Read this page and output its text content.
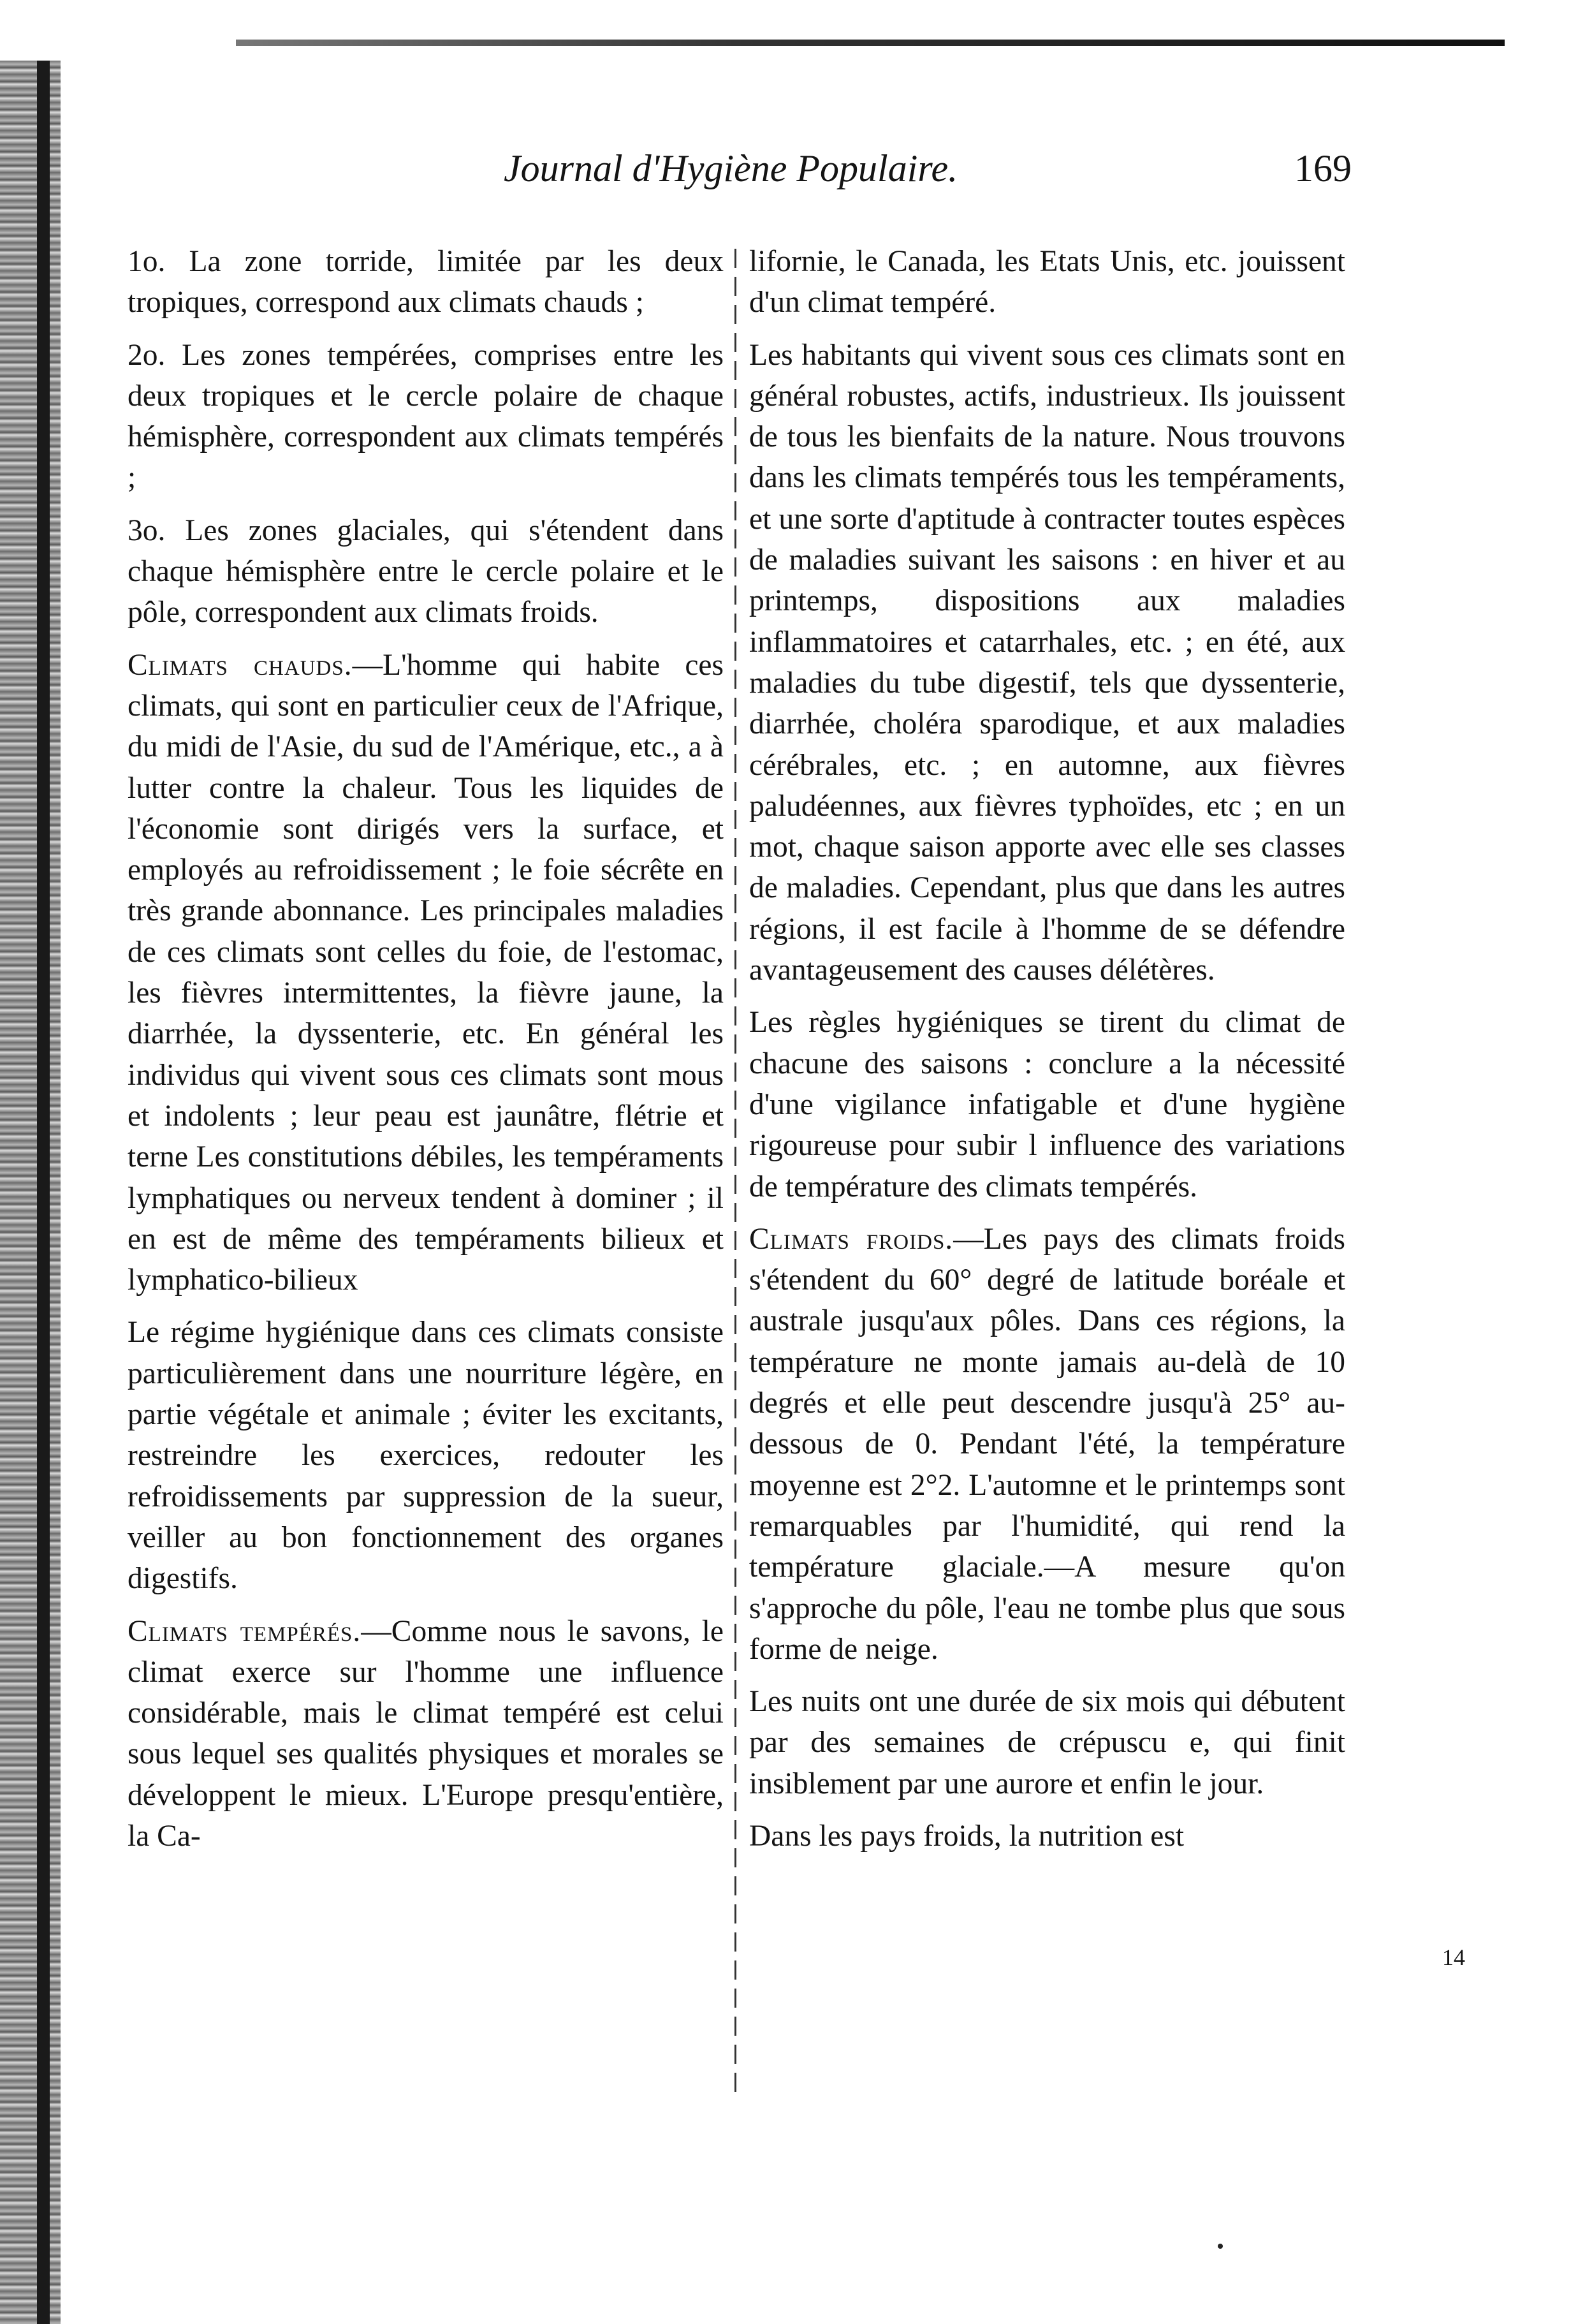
Journal d'Hygiène Populaire.	169

1o. La zone torride, limitée par les deux tropiques, correspond aux climats chauds ;

2o. Les zones tempérées, comprises entre les deux tropiques et le cercle polaire de chaque hémisphère, correspondent aux climats tempérés ;

3o. Les zones glaciales, qui s'étendent dans chaque hémisphère entre le cercle polaire et le pôle, correspondent aux climats froids.

Climats chauds.—L'homme qui habite ces climats, qui sont en particulier ceux de l'Afrique, du midi de l'Asie, du sud de l'Amérique, etc., a à lutter contre la chaleur. Tous les liquides de l'économie sont dirigés vers la surface, et employés au refroidissement ; le foie sécrête en très grande abonnance. Les principales maladies de ces climats sont celles du foie, de l'estomac, les fièvres intermittentes, la fièvre jaune, la diarrhée, la dyssenterie, etc. En général les individus qui vivent sous ces climats sont mous et indolents ; leur peau est jaunâtre, flétrie et terne Les constitutions débiles, les tempéraments lymphatiques ou nerveux tendent à dominer ; il en est de même des tempéraments bilieux et lymphatico-bilieux

Le régime hygiénique dans ces climats consiste particulièrement dans une nourriture légère, en partie végétale et animale ; éviter les excitants, restreindre les exercices, redouter les refroidissements par suppression de la sueur, veiller au bon fonctionnement des organes digestifs.

Climats tempérés.—Comme nous le savons, le climat exerce sur l'homme une influence considérable, mais le climat tempéré est celui sous lequel ses qualités physiques et morales se développent le mieux. L'Europe presqu'entière, la Ca-

lifornie, le Canada, les Etats Unis, etc. jouissent d'un climat tempéré.

Les habitants qui vivent sous ces climats sont en général robustes, actifs, industrieux. Ils jouissent de tous les bienfaits de la nature. Nous trouvons dans les climats tempérés tous les tempéraments, et une sorte d'aptitude à contracter toutes espèces de maladies suivant les saisons : en hiver et au printemps, dispositions aux maladies inflammatoires et catarrhales, etc. ; en été, aux maladies du tube digestif, tels que dyssenterie, diarrhée, choléra sparodique, et aux maladies cérébrales, etc. ; en automne, aux fièvres paludéennes, aux fièvres typhoïdes, etc ; en un mot, chaque saison apporte avec elle ses classes de maladies. Cependant, plus que dans les autres régions, il est facile à l'homme de se défendre avantageusement des causes délétères.

Les règles hygiéniques se tirent du climat de chacune des saisons : conclure a la nécessité d'une vigilance infatigable et d'une hygiène rigoureuse pour subir l influence des variations de température des climats tempérés.

Climats froids.—Les pays des climats froids s'étendent du 60° degré de latitude boréale et australe jusqu'aux pôles. Dans ces régions, la température ne monte jamais au-delà de 10 degrés et elle peut descendre jusqu'à 25° au-dessous de 0. Pendant l'été, la température moyenne est 2°2. L'automne et le printemps sont remarquables par l'humidité, qui rend la température glaciale.—A mesure qu'on s'approche du pôle, l'eau ne tombe plus que sous forme de neige.

Les nuits ont une durée de six mois qui débutent par des semaines de crépuscu e, qui finit insiblement par une aurore et enfin le jour.

Dans les pays froids, la nutrition est

14
